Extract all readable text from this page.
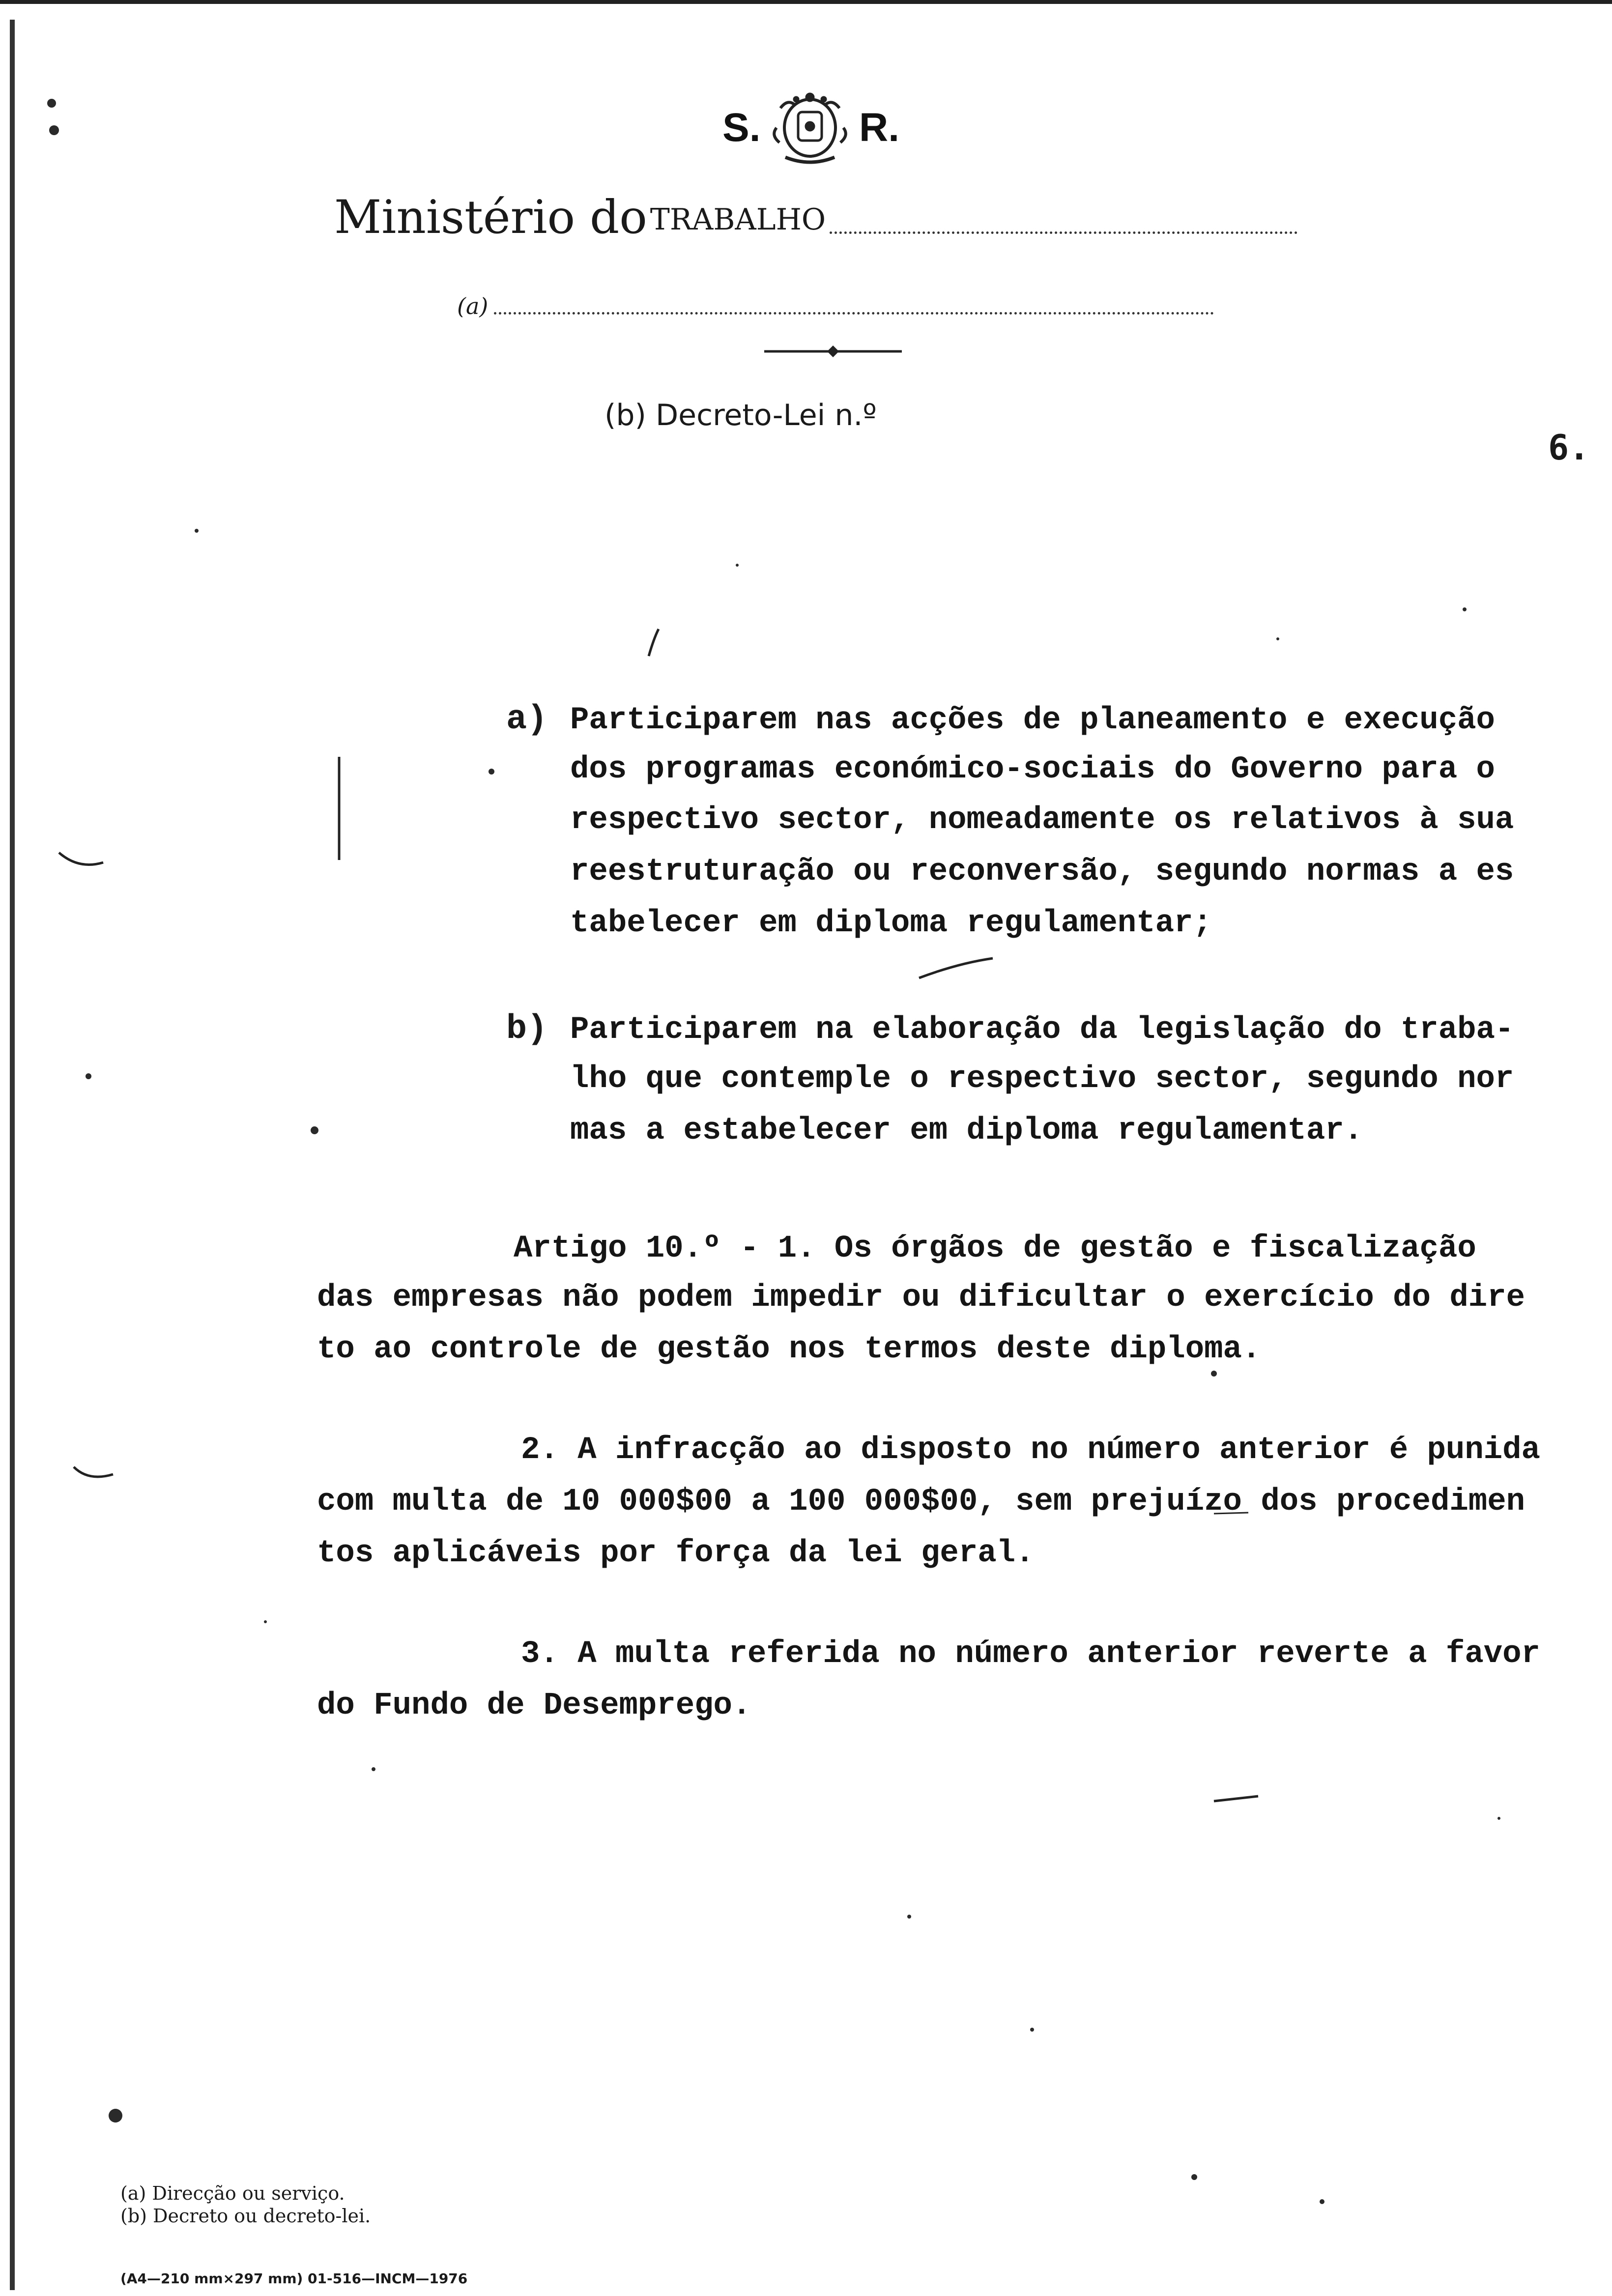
S. R.
Ministério do TRABALHO
(a)
(b) Decreto-Lei n.º
6.
a) Participarem nas acções de planeamento e execução
dos programas económico-sociais do Governo para o
respectivo sector, nomeadamente os relativos à sua
reestruturação ou reconversão, segundo normas a es
tabelecer em diploma regulamentar;
b) Participarem na elaboração da legislação do traba-
lho que contemple o respectivo sector, segundo nor
mas a estabelecer em diploma regulamentar.
Artigo 10.º - 1. Os órgãos de gestão e fiscalização
das empresas não podem impedir ou dificultar o exercício do dire
to ao controle de gestão nos termos deste diploma.
2. A infracção ao disposto no número anterior é punida
com multa de 10 000$00 a 100 000$00, sem prejuízo dos procedimen
tos aplicáveis por força da lei geral.
3. A multa referida no número anterior reverte a favor
do Fundo de Desemprego.
(a) Direcção ou serviço.
(b) Decreto ou decreto-lei.
(A4—210 mm×297 mm) 01-516—INCM—1976
